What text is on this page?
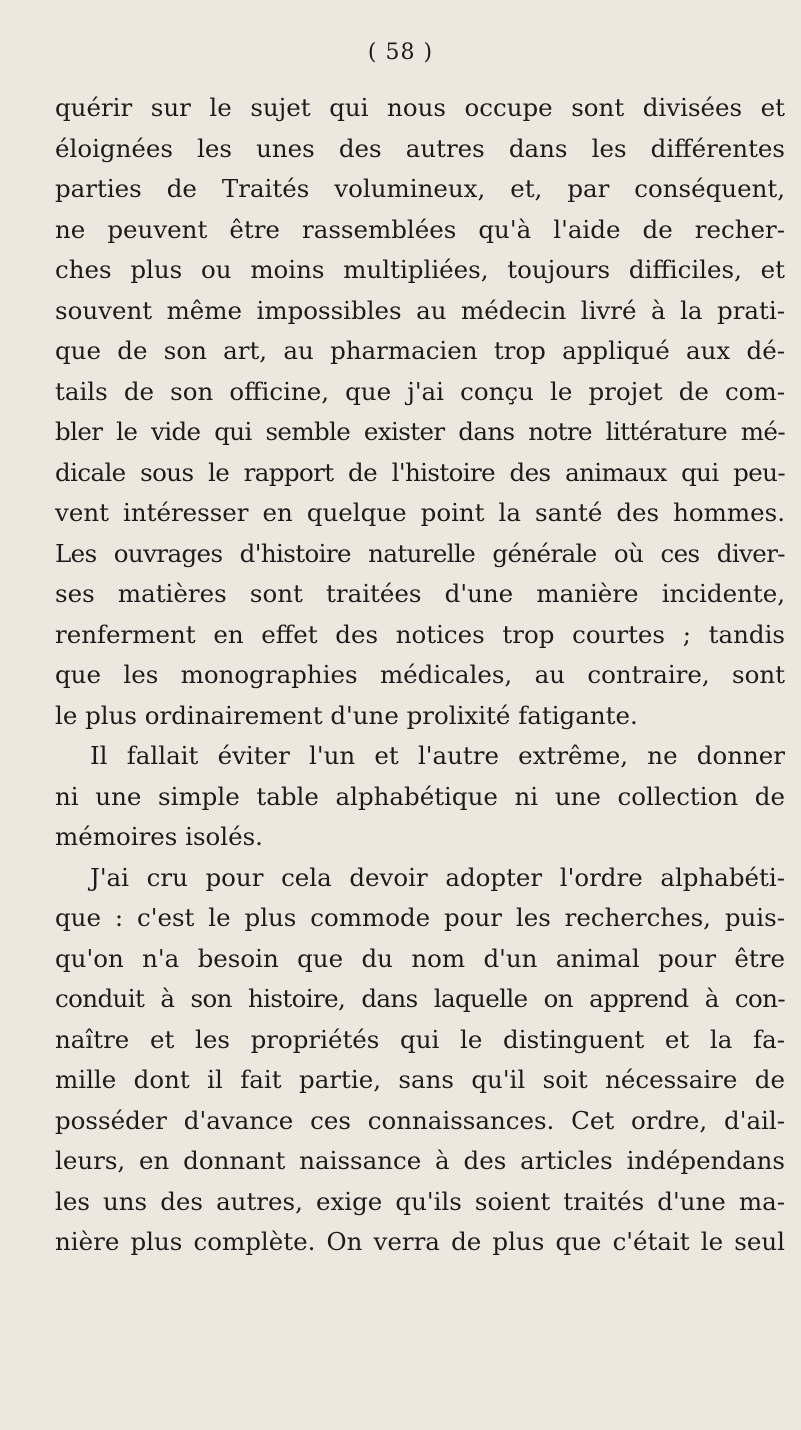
( 58 )
quérir sur le sujet qui nous occupe sont divisées et
éloignées les unes des autres dans les différentes
parties de Traités volumineux, et, par conséquent,
ne peuvent être rassemblées qu'à l'aide de recher-
ches plus ou moins multipliées, toujours difficiles, et
souvent même impossibles au médecin livré à la prati-
que de son art, au pharmacien trop appliqué aux dé-
tails de son officine, que j'ai conçu le projet de com-
bler le vide qui semble exister dans notre littérature mé-
dicale sous le rapport de l'histoire des animaux qui peu-
vent intéresser en quelque point la santé des hommes.
Les ouvrages d'histoire naturelle générale où ces diver-
ses matières sont traitées d'une manière incidente,
renferment en effet des notices trop courtes ; tandis
que les monographies médicales, au contraire, sont
le plus ordinairement d'une prolixité fatigante.
Il fallait éviter l'un et l'autre extrême, ne donner
ni une simple table alphabétique ni une collection de
mémoires isolés.
J'ai cru pour cela devoir adopter l'ordre alphabéti-
que : c'est le plus commode pour les recherches, puis-
qu'on n'a besoin que du nom d'un animal pour être
conduit à son histoire, dans laquelle on apprend à con-
naître et les propriétés qui le distinguent et la fa-
mille dont il fait partie, sans qu'il soit nécessaire de
posséder d'avance ces connaissances. Cet ordre, d'ail-
leurs, en donnant naissance à des articles indépendans
les uns des autres, exige qu'ils soient traités d'une ma-
nière plus complète. On verra de plus que c'était le seul
